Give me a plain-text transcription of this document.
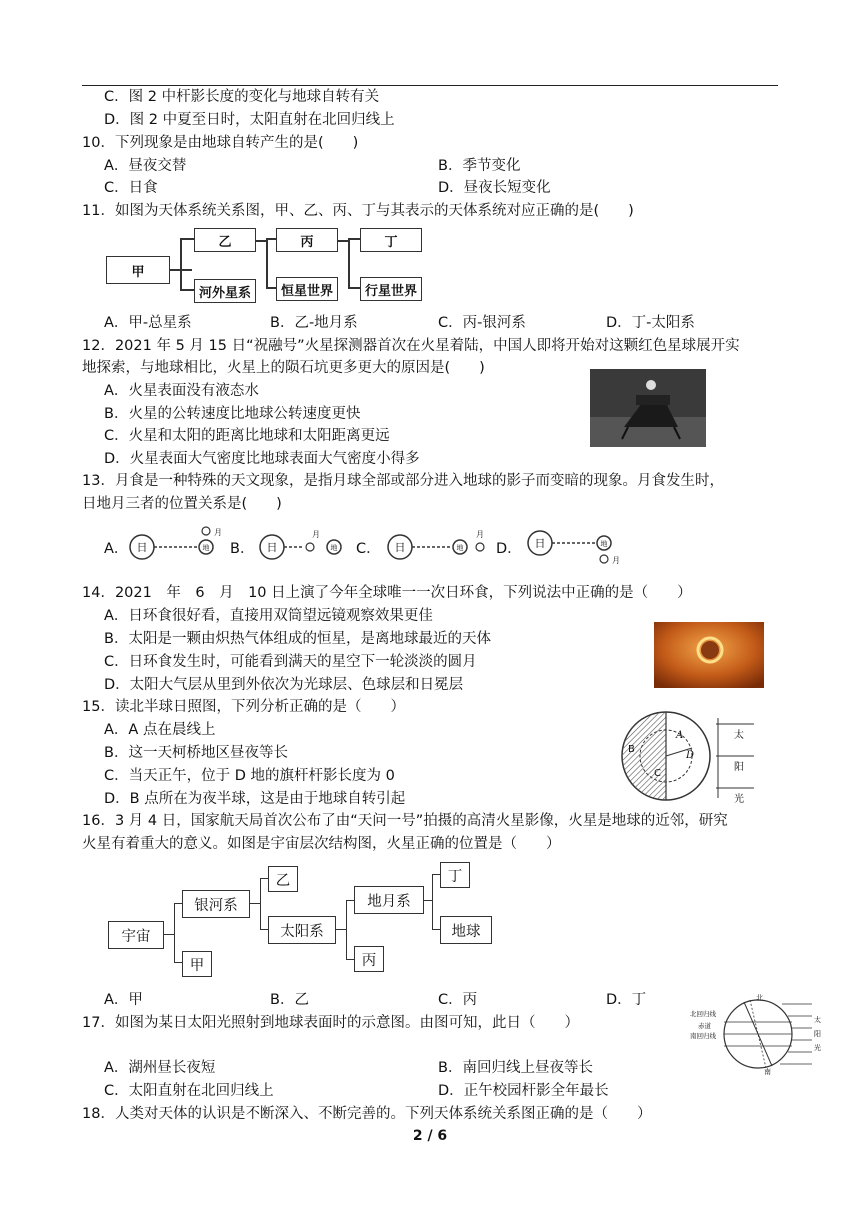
C．图 2 中杆影长度的变化与地球自转有关
D．图 2 中夏至日时，太阳直射在北回归线上
10．下列现象是由地球自转产生的是(　　)
A．昼夜交替	B．季节变化
C．日食	D．昼夜长短变化
11．如图为天体系统关系图，甲、乙、丙、丁与其表示的天体系统对应正确的是(　　)
甲
乙
河外星系
丙
恒星世界
丁
行星世界
A．甲-总星系	B．乙-地月系	C．丙-银河系	D．丁-太阳系
12．2021 年 5 月 15 日“祝融号”火星探测器首次在火星着陆，中国人即将开始对这颗红色星球展开实
地探索，与地球相比，火星上的陨石坑更多更大的原因是(　　)
A．火星表面没有液态水
B．火星的公转速度比地球公转速度更快
C．火星和太阳的距离比地球和太阳距离更远
D．火星表面大气密度比地球表面大气密度小得多
13．月食是一种特殊的天文现象，是指月球全部或部分进入地球的影子而变暗的现象。月食发生时，
日地月三者的位置关系是(　　)
A． 日	地
月
B． 日
月
地 C． 日	地
月
D． 日	地
月
14．2021　年　6　月　10 日上演了今年全球唯一一次日环食，下列说法中正确的是（　　）
A．日环食很好看，直接用双筒望远镜观察效果更佳
B．太阳是一颗由炽热气体组成的恒星，是离地球最近的天体
C．日环食发生时，可能看到满天的星空下一轮淡淡的圆月
D．太阳大气层从里到外依次为光球层、色球层和日冕层
15．读北半球日照图，下列分析正确的是（　　）
A．A 点在晨线上
B．这一天柯桥地区昼夜等长
C．当天正午，位于 D 地的旗杆杆影长度为 0
D．B 点所在为夜半球，这是由于地球自转引起
A
B
C
D
太
阳
光
16．3 月 4 日，国家航天局首次公布了由“天问一号”拍摄的高清火星影像，火星是地球的近邻，研究
火星有着重大的意义。如图是宇宙层次结构图，火星正确的位置是（　　）
宇宙
银河系
甲
乙
太阳系
地月系
丙
丁
地球
A．甲	B．乙	C．丙	D．丁
17．如图为某日太阳光照射到地球表面时的示意图。由图可知，此日（　　）
A．湖州昼长夜短	B．南回归线上昼夜等长
C．太阳直射在北回归线上	D．正午校园杆影全年最长
北
南
北回归线
赤道
南回归线
太
阳
光
18．人类对天体的认识是不断深入、不断完善的。下列天体系统关系图正确的是（　　）
2 / 6
